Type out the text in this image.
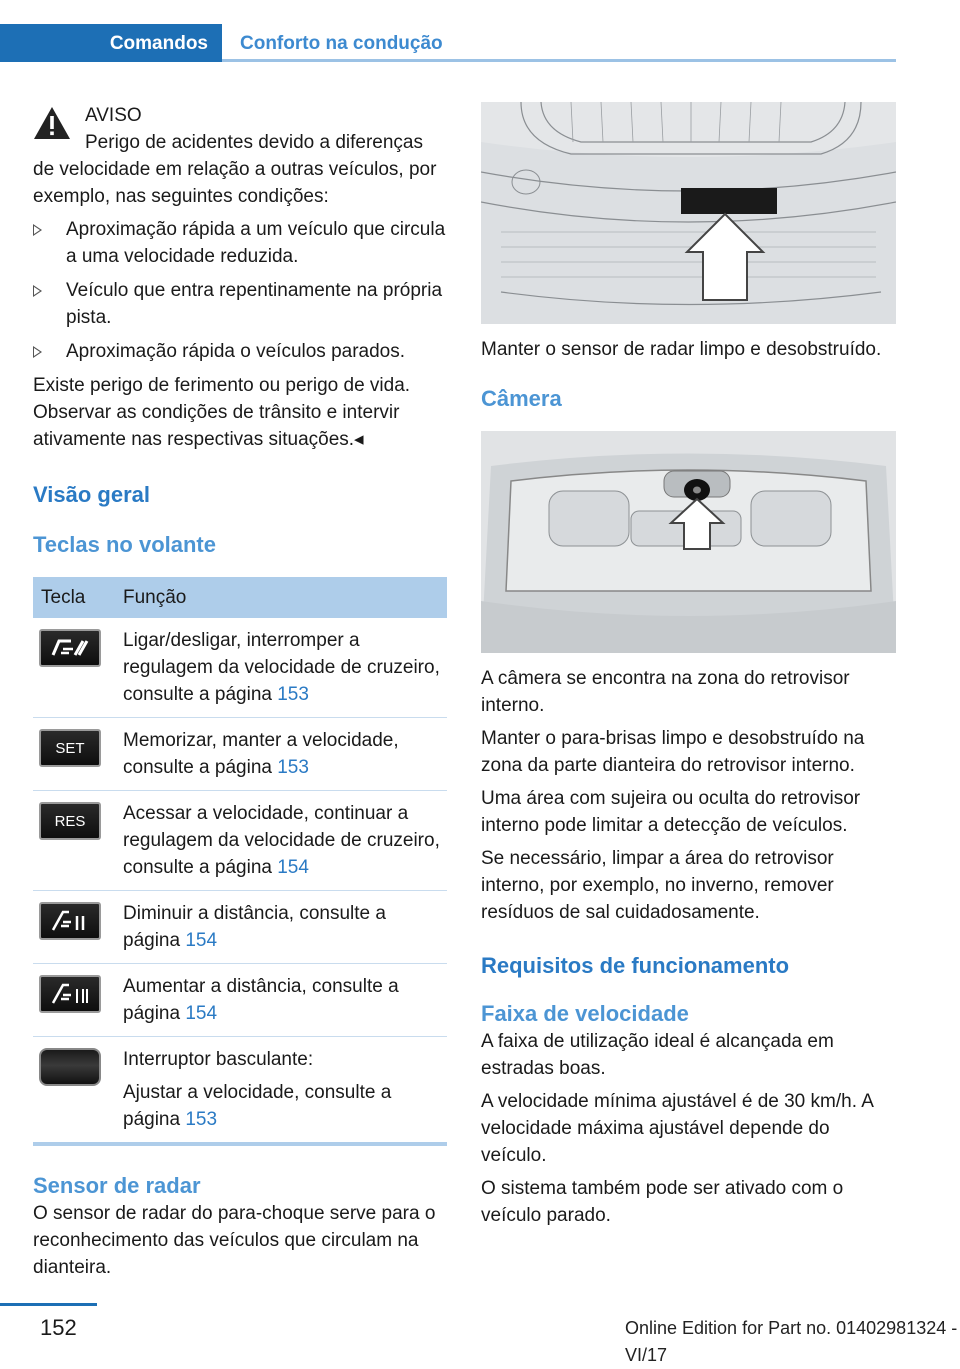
Comandos Conforto na condução

AVISO

Perigo de acidentes devido a diferenças

de velocidade em relação a outras veículos, por exemplo, nas seguintes condições:

Aproximação rápida a um veículo que circula a uma velocidade reduzida.
Veículo que entra repentinamente na própria pista.
Aproximação rápida o veículos parados.

Existe perigo de ferimento ou perigo de vida. Observar as condições de trânsito e intervir ativamente nas respectivas situações.◂

Visão geral
Teclas no volante
Tecla	Função

	Ligar/desligar, interromper a regulagem da velocidade de cruzeiro, consulte a página 153

SET	Memorizar, manter a velocidade, consulte a página 153

RES	Acessar a velocidade, continuar a regulagem da velocidade de cruzeiro, consulte a página 154

	Diminuir a distância, consulte a página 154

	Aumentar a distância, consulte a página 154

	Interruptor basculante:

Ajustar a velocidade, consulte a página 153
Sensor de radar

O sensor de radar do para-choque serve para o reconhecimento das veículos que circulam na dianteira.

Manter o sensor de radar limpo e desobstruído.

Câmera

A câmera se encontra na zona do retrovisor interno.

Manter o para-brisas limpo e desobstruído na zona da parte dianteira do retrovisor interno.

Uma área com sujeira ou oculta do retrovisor interno pode limitar a detecção de veículos.

Se necessário, limpar a área do retrovisor interno, por exemplo, no inverno, remover resíduos de sal cuidadosamente.

Requisitos de funcionamento
Faixa de velocidade

A faixa de utilização ideal é alcançada em estradas boas.

A velocidade mínima ajustável é de 30 km/h. A velocidade máxima ajustável depende do veículo.

O sistema também pode ser ativado com o veículo parado.

152	Online Edition for Part no. 01402981324 - VI/17
